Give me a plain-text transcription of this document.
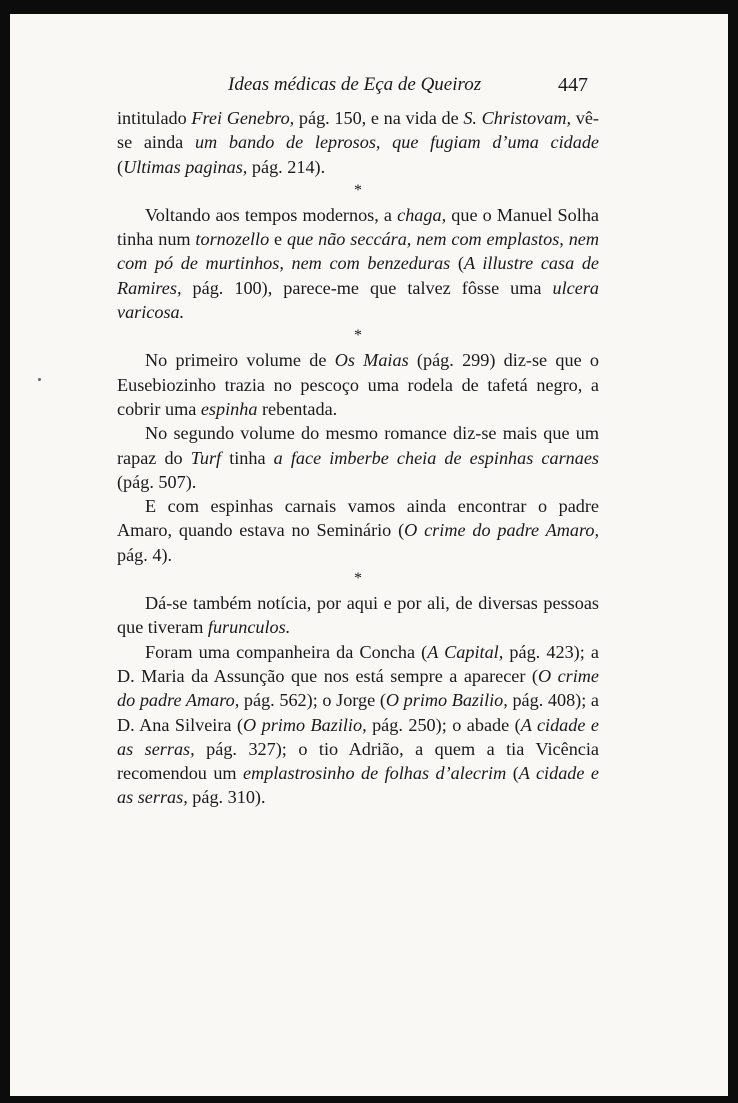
Ideas médicas de Eça de Queiroz	447

intitulado Frei Genebro, pág. 150, e na vida de S. Christovam, vê-se ainda um bando de leprosos, que fugiam d’uma cidade (Ultimas paginas, pág. 214).

*

Voltando aos tempos modernos, a chaga, que o Manuel Solha tinha num tornozello e que não seccára, nem com emplastos, nem com pó de murtinhos, nem com benzeduras (A illustre casa de Ramires, pág. 100), parece-me que talvez fôsse uma ulcera varicosa.

*

No primeiro volume de Os Maias (pág. 299) diz-se que o Eusebiozinho trazia no pescoço uma rodela de tafetá negro, a cobrir uma espinha rebentada.

No segundo volume do mesmo romance diz-se mais que um rapaz do Turf tinha a face imberbe cheia de espinhas carnaes (pág. 507).

E com espinhas carnais vamos ainda encontrar o padre Amaro, quando estava no Seminário (O crime do padre Amaro, pág. 4).

*

Dá-se também notícia, por aqui e por ali, de diversas pessoas que tiveram furunculos.

Foram uma companheira da Concha (A Capital, pág. 423); a D. Maria da Assunção que nos está sempre a aparecer (O crime do padre Amaro, pág. 562); o Jorge (O primo Bazilio, pág. 408); a D. Ana Silveira (O primo Bazilio, pág. 250); o abade (A cidade e as serras, pág. 327); o tio Adrião, a quem a tia Vicência recomendou um emplastrosinho de folhas d’alecrim (A cidade e as serras, pág. 310).
